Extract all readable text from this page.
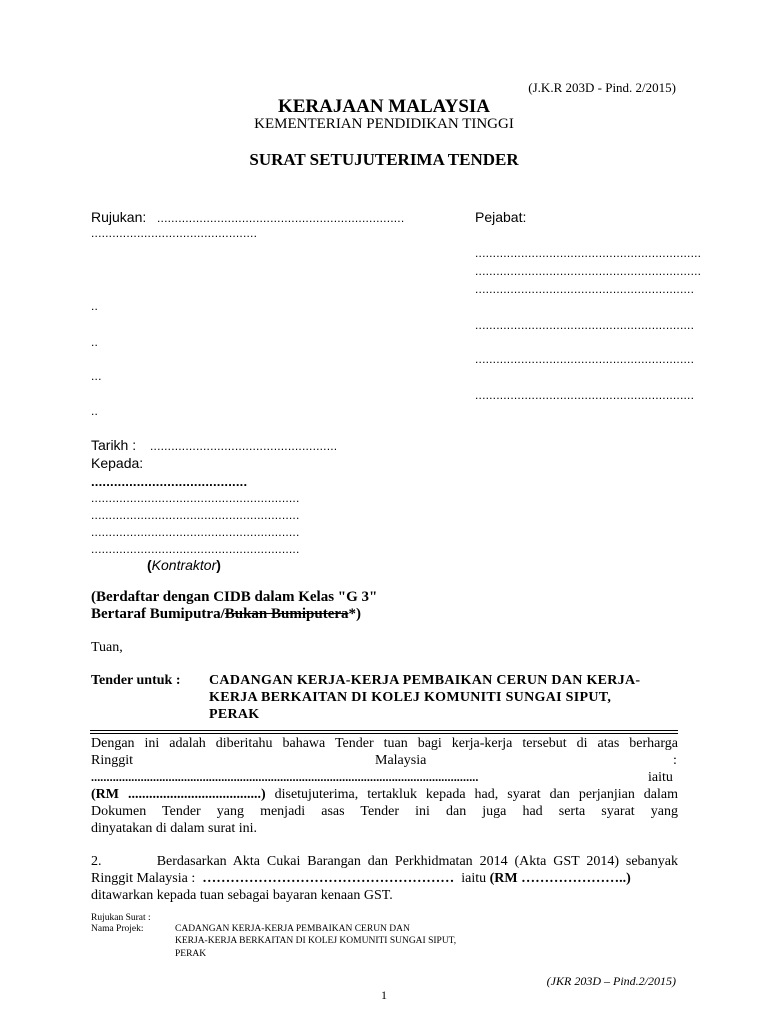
(J.K.R 203D - Pind. 2/2015)
KERAJAAN MALAYSIA
KEMENTERIAN PENDIDIKAN TINGGI
SURAT SETUJUTERIMA TENDER
Rujukan: ......................................................................
...............................................
..
..
...
..
Pejabat:
................................................................
................................................................
..............................................................
..............................................................
..............................................................
..............................................................
Tarikh : .....................................................
Kepada:
.........................................
...........................................................
...........................................................
...........................................................
...........................................................
(Kontraktor)
(Berdaftar dengan CIDB dalam Kelas "G 3"
Bertaraf Bumiputra/Bukan Bumiputera*)
Tuan,
Tender untuk : CADANGAN KERJA-KERJA PEMBAIKAN CERUN DAN KERJA-
KERJA BERKAITAN DI KOLEJ KOMUNITI SUNGAI SIPUT,
PERAK
Dengan ini adalah diberitahu bahawa Tender tuan bagi kerja-kerja tersebut di atas berharga
Ringgit	Malaysia	:
.............................................................................................................................	iaitu
(RM ......................................) disetujuterima, tertakluk kepada had, syarat dan perjanjian dalam
Dokumen Tender yang menjadi asas Tender ini dan juga had serta syarat yang
dinyatakan di dalam surat ini.
2.        Berdasarkan Akta Cukai Barangan dan Perkhidmatan 2014 (Akta GST 2014) sebanyak
Ringgit Malaysia :  ………………………………………………  iaitu (RM …………………..)
ditawarkan kepada tuan sebagai bayaran kenaan GST.
Rujukan Surat :
Nama Projek:	CADANGAN KERJA-KERJA PEMBAIKAN CERUN DAN
KERJA-KERJA BERKAITAN DI KOLEJ KOMUNITI SUNGAI SIPUT,
PERAK
(JKR 203D – Pind.2/2015)
1
